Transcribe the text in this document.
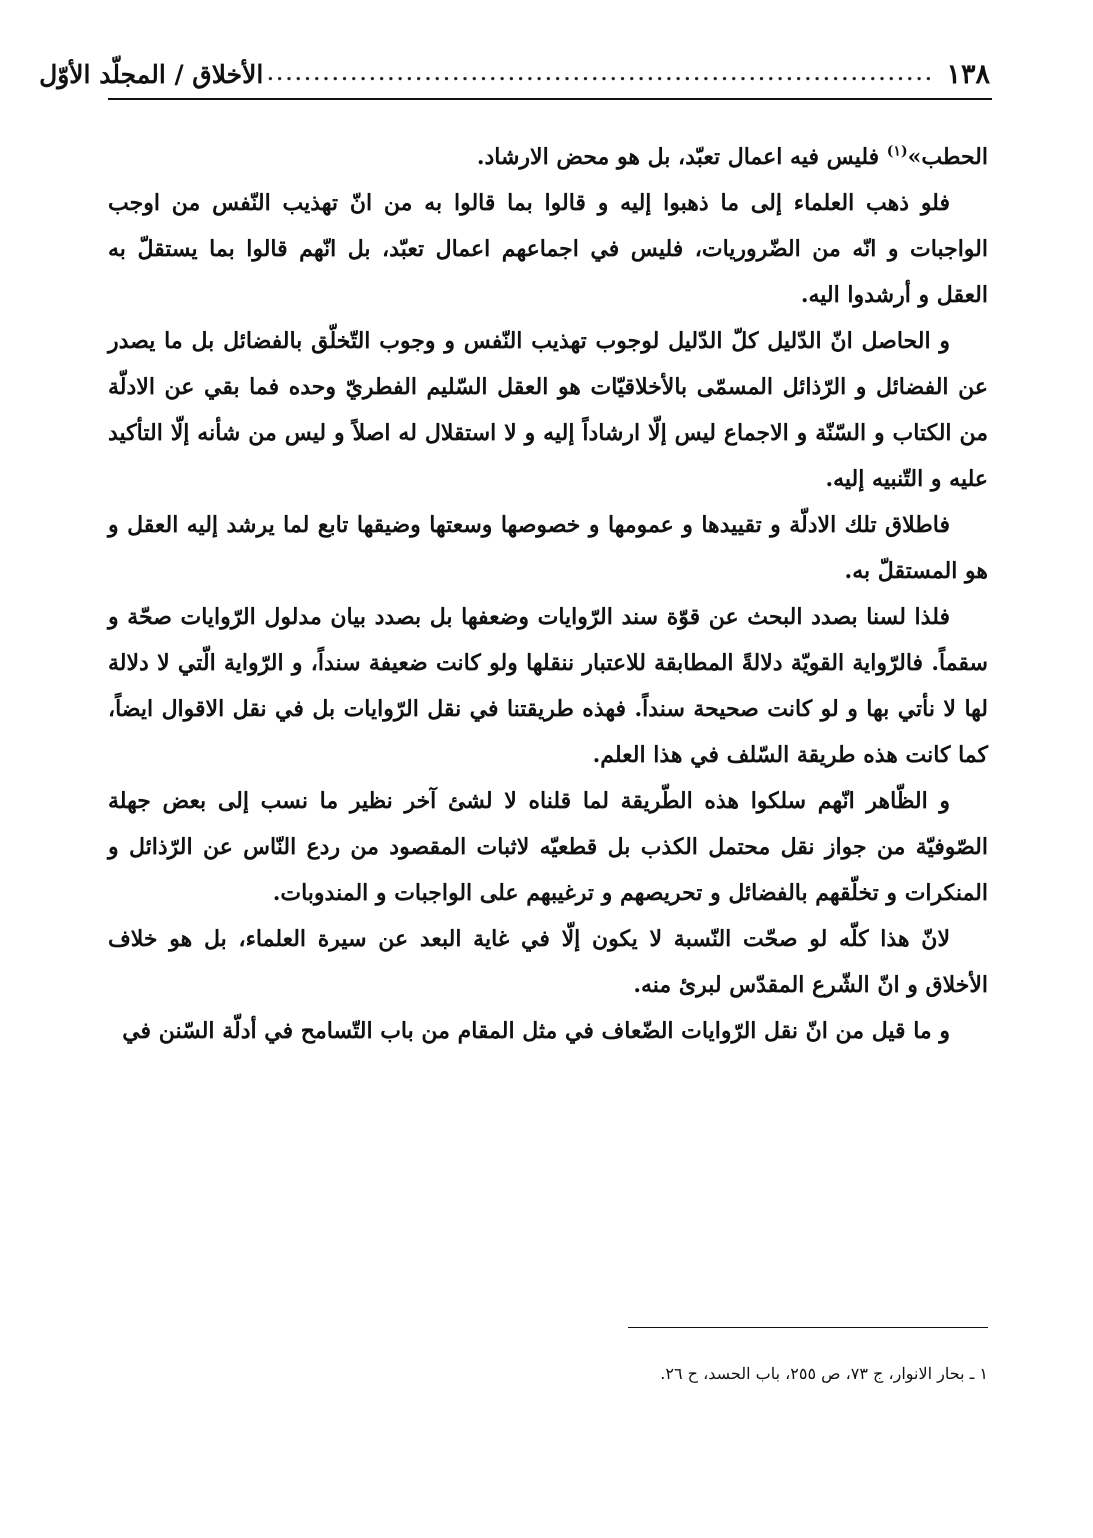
١٣٨
........................................................................
الأخلاق / المجلّد الأوّل

الحطب»$^{(١)}$ فليس فيه اعمال تعبّد، بل هو محض الارشاد.

فلو ذهب العلماء إلى ما ذهبوا إليه و قالوا بما قالوا به من انّ تهذيب النّفس من اوجب الواجبات و انّه من الضّروريات، فليس في اجماعهم اعمال تعبّد، بل انّهم قالوا بما يستقلّ به العقل و أرشدوا اليه.

و الحاصل انّ الدّليل كلّ الدّليل لوجوب تهذيب النّفس و وجوب التّخلّق بالفضائل بل ما يصدر عن الفضائل و الرّذائل المسمّى بالأخلاقيّات هو العقل السّليم الفطريّ وحده فما بقي عن الادلّة من الكتاب و السّنّة و الاجماع ليس إلّا ارشاداً إليه و لا استقلال له اصلاً و ليس من شأنه إلّا التأكيد عليه و التّنبيه إليه.

فاطلاق تلك الادلّة و تقييدها و عمومها و خصوصها وسعتها وضيقها تابع لما يرشد إليه العقل و هو المستقلّ به.

فلذا لسنا بصدد البحث عن قوّة سند الرّوايات وضعفها بل بصدد بيان مدلول الرّوايات صحّة و سقماً. فالرّواية القويّة دلالةً المطابقة للاعتبار ننقلها ولو كانت ضعيفة سنداً، و الرّواية الّتي لا دلالة لها لا نأتي بها و لو كانت صحيحة سنداً. فهذه طريقتنا في نقل الرّوايات بل في نقل الاقوال ايضاً، كما كانت هذه طريقة السّلف في هذا العلم.

و الظّاهر انّهم سلكوا هذه الطّريقة لما قلناه لا لشئ آخر نظير ما نسب إلى بعض جهلة الصّوفيّة من جواز نقل محتمل الكذب بل قطعيّه لاثبات المقصود من ردع النّاس عن الرّذائل و المنكرات و تخلّقهم بالفضائل و تحريصهم و ترغيبهم على الواجبات و المندوبات.

لانّ هذا كلّه لو صحّت النّسبة لا يكون إلّا في غاية البعد عن سيرة العلماء، بل هو خلاف الأخلاق و انّ الشّرع المقدّس لبرئ منه.

و ما قيل من انّ نقل الرّوايات الضّعاف في مثل المقام من باب التّسامح في أدلّة السّنن في

١ ـ بحار الانوار، ج ٧٣، ص ٢٥٥، باب الحسد، ح ٢٦.
